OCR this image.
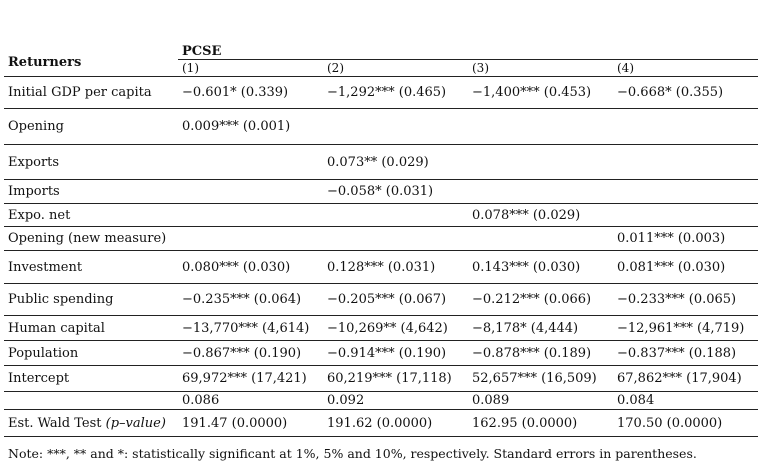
Returners	PCSE			
	(1)	(2)	(3)	(4)
Initial GDP per capita	−0.601* (0.339)	−1,292*** (0.465)	−1,400*** (0.453)	−0.668* (0.355)
Opening	0.009*** (0.001)			
Exports		0.073** (0.029)		
Imports		−0.058* (0.031)		
Expo. net			0.078*** (0.029)	
Opening (new measure)				0.011*** (0.003)
Investment	0.080*** (0.030)	0.128*** (0.031)	0.143*** (0.030)	0.081*** (0.030)
Public spending	−0.235*** (0.064)	−0.205*** (0.067)	−0.212*** (0.066)	−0.233*** (0.065)
Human capital	−13,770*** (4,614)	−10,269** (4,642)	−8,178* (4,444)	−12,961*** (4,719)
Population	−0.867*** (0.190)	−0.914*** (0.190)	−0.878*** (0.189)	−0.837*** (0.188)
Intercept	69,972*** (17,421)	60,219*** (17,118)	52,657*** (16,509)	67,862*** (17,904)
	0.086	0.092	0.089	0.084
Est. Wald Test (p–value)	191.47 (0.0000)	191.62 (0.0000)	162.95 (0.0000)	170.50 (0.0000)
Note: ***, ** and *: statistically significant at 1%, 5% and 10%, respectively. Standard errors in parentheses.
